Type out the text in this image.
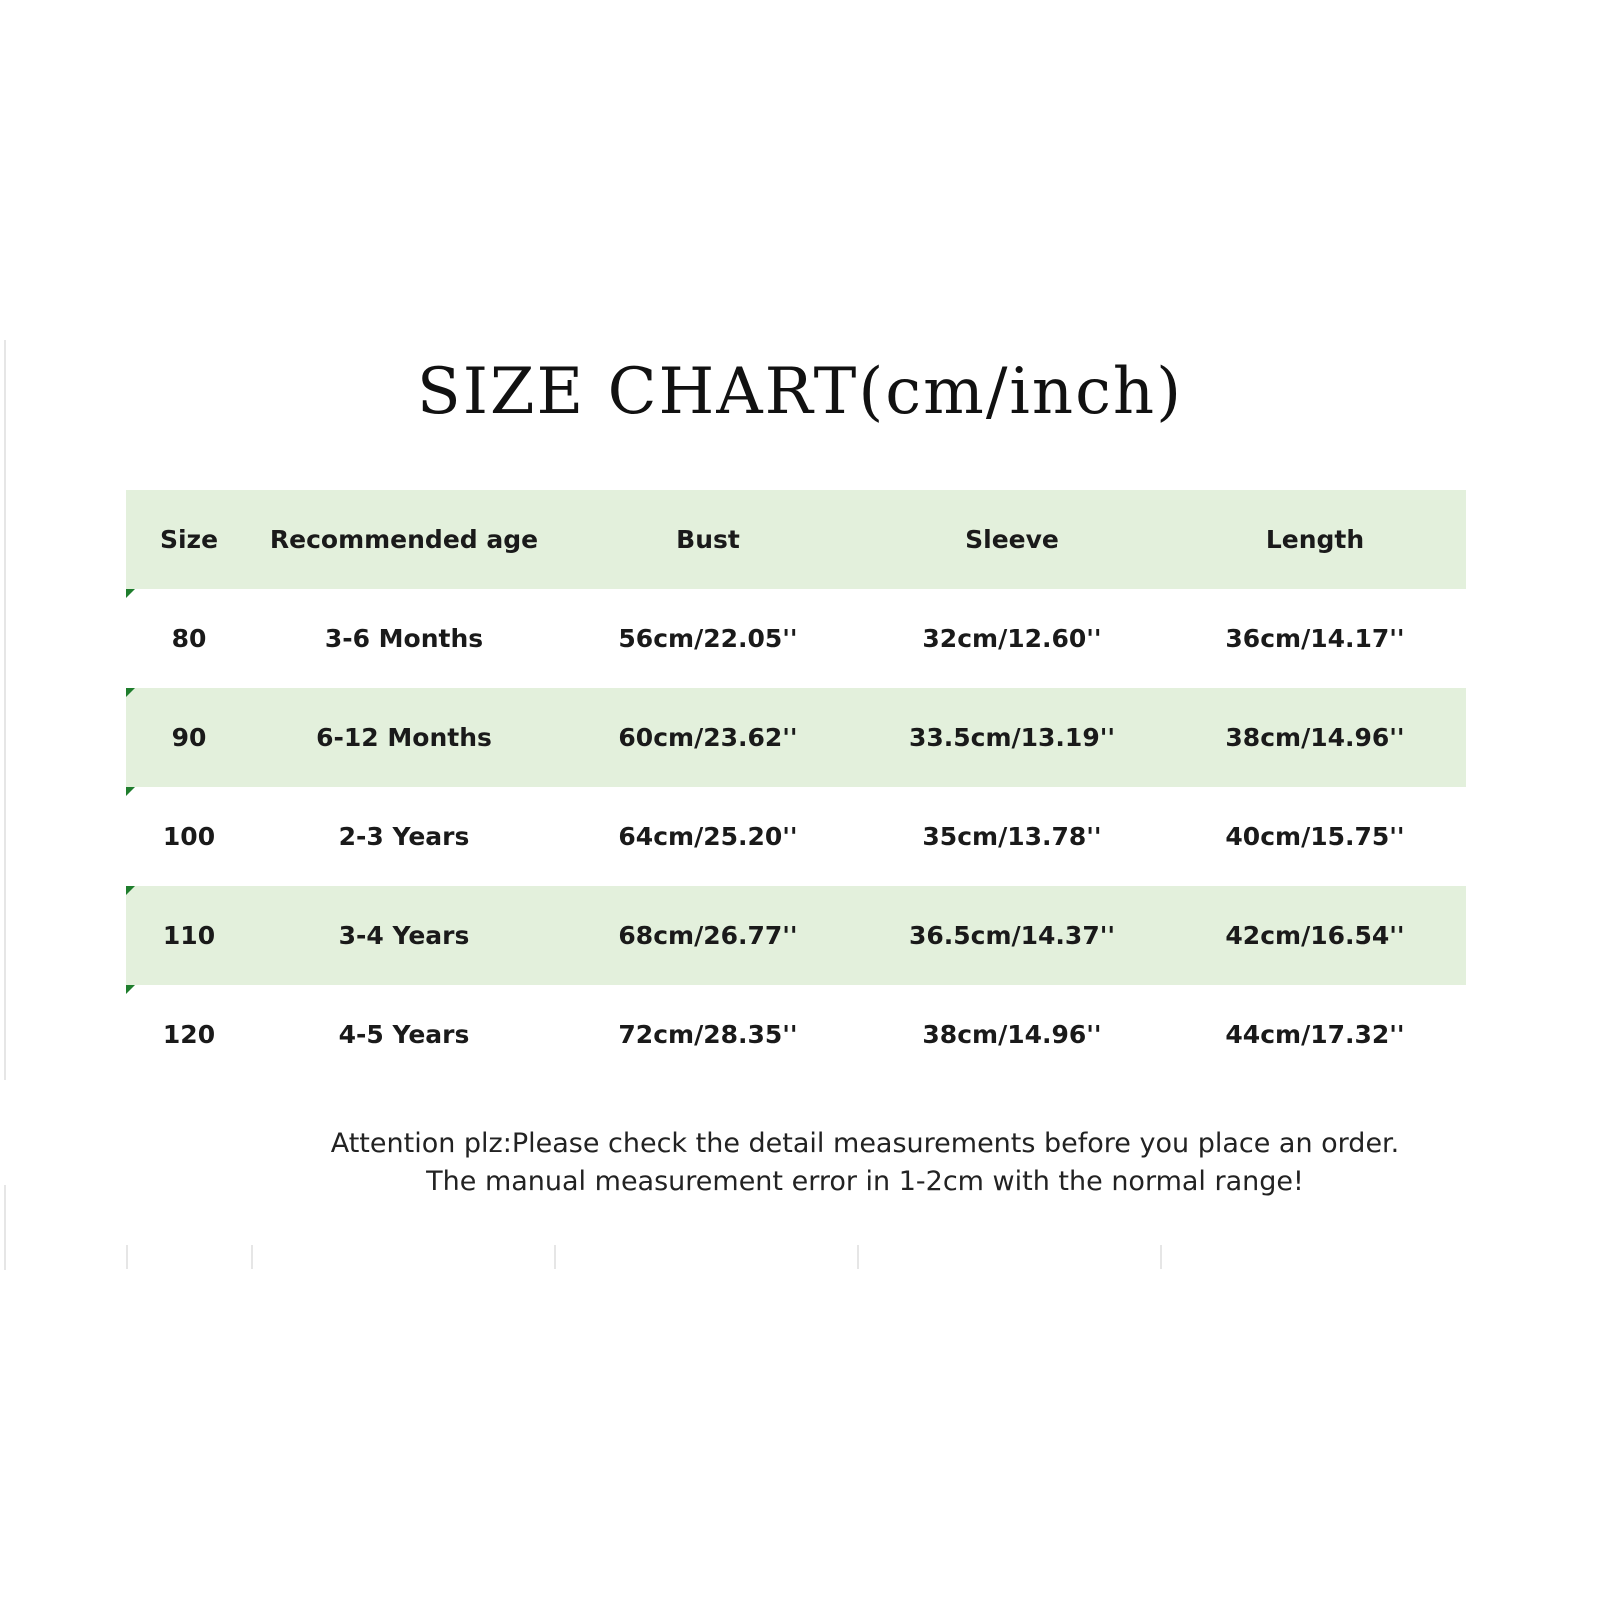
SIZE CHART(cm/inch)
Size	Recommended age	Bust	Sleeve	Length
80	3-6 Months	56cm/22.05''	32cm/12.60''	36cm/14.17''
90	6-12 Months	60cm/23.62''	33.5cm/13.19''	38cm/14.96''
100	2-3 Years	64cm/25.20''	35cm/13.78''	40cm/15.75''
110	3-4 Years	68cm/26.77''	36.5cm/14.37''	42cm/16.54''
120	4-5 Years	72cm/28.35''	38cm/14.96''	44cm/17.32''
Attention plz:Please check the detail measurements before you place an order.
The manual measurement error in 1-2cm with the normal range!
